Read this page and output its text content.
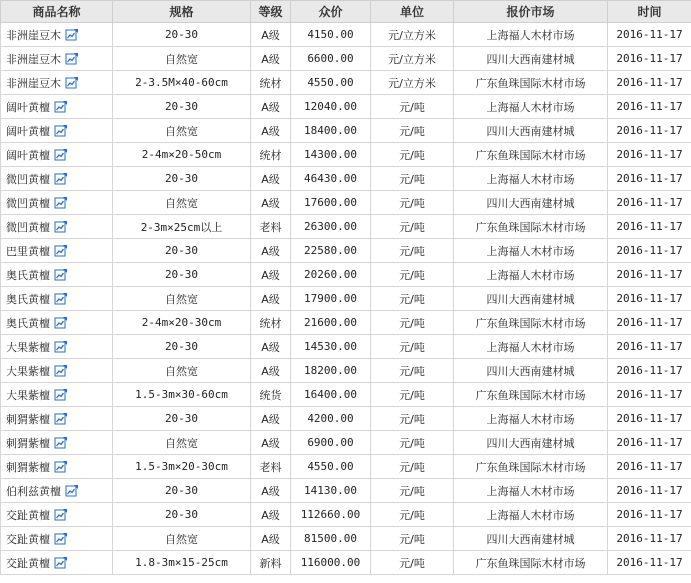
商品名称	规格	等级	众价	单位	报价市场	时间

非洲崖豆木	20-30	A级	4150.00	元/立方米	上海福人木材市场	2016-11-17

非洲崖豆木	自然宽	A级	6600.00	元/立方米	四川大西南建材城	2016-11-17

非洲崖豆木	2-3.5M×40-60cm	统材	4550.00	元/立方米	广东鱼珠国际木材市场	2016-11-17

阔叶黄檀	20-30	A级	12040.00	元/吨	上海福人木材市场	2016-11-17

阔叶黄檀	自然宽	A级	18400.00	元/吨	四川大西南建材城	2016-11-17

阔叶黄檀	2-4m×20-50cm	统材	14300.00	元/吨	广东鱼珠国际木材市场	2016-11-17

微凹黄檀	20-30	A级	46430.00	元/吨	上海福人木材市场	2016-11-17

微凹黄檀	自然宽	A级	17600.00	元/吨	四川大西南建材城	2016-11-17

微凹黄檀	2-3m×25cm以上	老料	26300.00	元/吨	广东鱼珠国际木材市场	2016-11-17

巴里黄檀	20-30	A级	22580.00	元/吨	上海福人木材市场	2016-11-17

奥氏黄檀	20-30	A级	20260.00	元/吨	上海福人木材市场	2016-11-17

奥氏黄檀	自然宽	A级	17900.00	元/吨	四川大西南建材城	2016-11-17

奥氏黄檀	2-4m×20-30cm	统材	21600.00	元/吨	广东鱼珠国际木材市场	2016-11-17

大果紫檀	20-30	A级	14530.00	元/吨	上海福人木材市场	2016-11-17

大果紫檀	自然宽	A级	18200.00	元/吨	四川大西南建材城	2016-11-17

大果紫檀	1.5-3m×30-60cm	统货	16400.00	元/吨	广东鱼珠国际木材市场	2016-11-17

刺猬紫檀	20-30	A级	4200.00	元/吨	上海福人木材市场	2016-11-17

刺猬紫檀	自然宽	A级	6900.00	元/吨	四川大西南建材城	2016-11-17

刺猬紫檀	1.5-3m×20-30cm	老料	4550.00	元/吨	广东鱼珠国际木材市场	2016-11-17

伯利兹黄檀	20-30	A级	14130.00	元/吨	上海福人木材市场	2016-11-17

交趾黄檀	20-30	A级	112660.00	元/吨	上海福人木材市场	2016-11-17

交趾黄檀	自然宽	A级	81500.00	元/吨	四川大西南建材城	2016-11-17

交趾黄檀	1.8-3m×15-25cm	新料	116000.00	元/吨	广东鱼珠国际木材市场	2016-11-17
